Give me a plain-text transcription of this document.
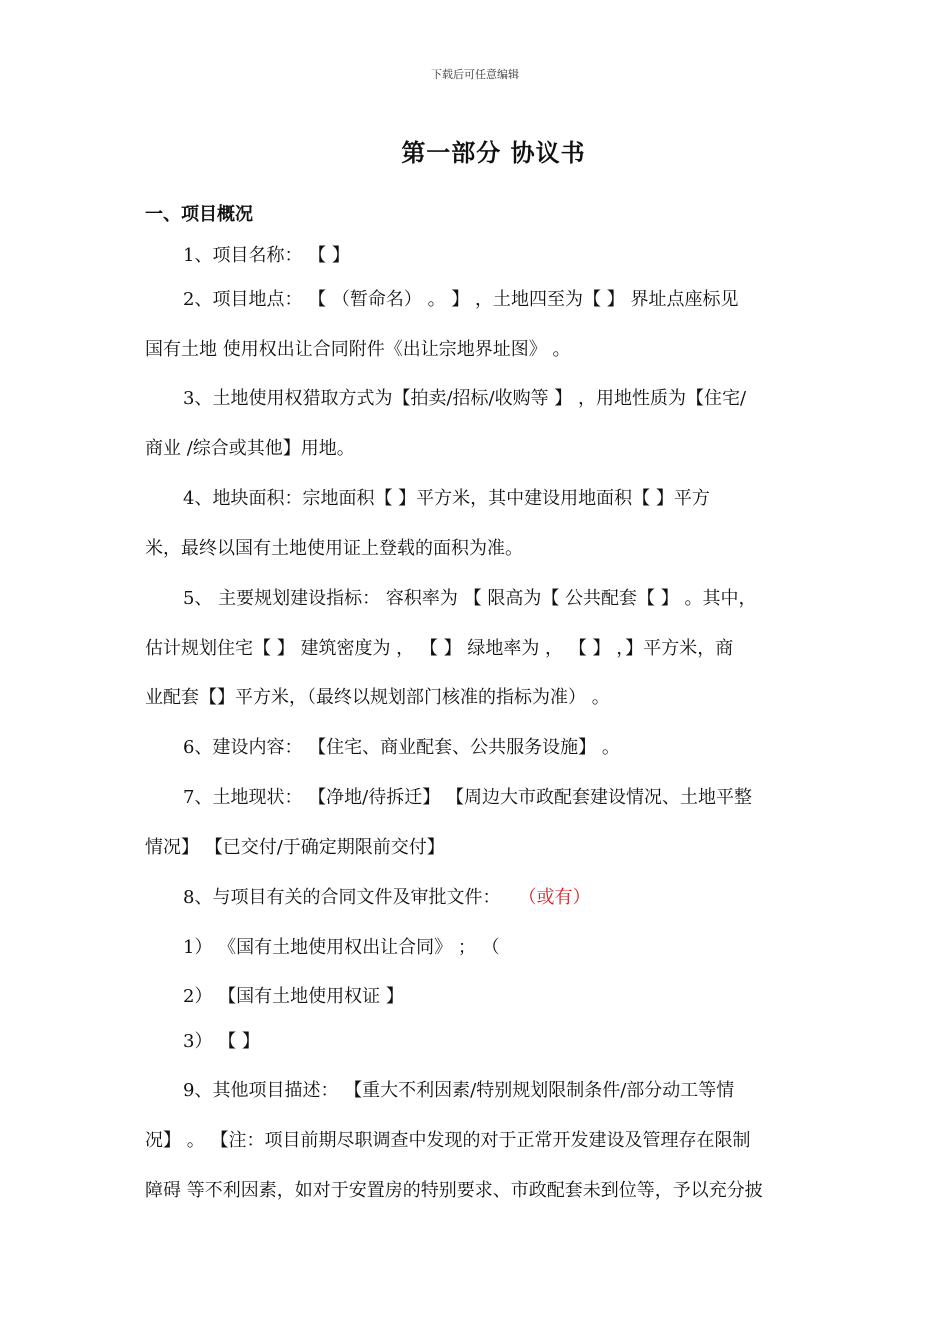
下载后可任意编辑
第一部分 协议书
一、项目概况
1、项目名称： 【 】
2、项目地点： 【 （暂命名） 。 】 ，土地四至为【 】 界址点座标见
国有土地 使用权出让合同附件《出让宗地界址图》 。
3、土地使用权猎取方式为【拍卖/招标/收购等 】 ，用地性质为【住宅/
商业 /综合或其他】用地。
4、地块面积：宗地面积【 】平方米，其中建设用地面积【 】平方
米，最终以国有土地使用证上登载的面积为准。
5、 主要规划建设指标： 容积率为 【 限高为【 公共配套【 】 。其中，
估计规划住宅【 】 建筑密度为 ， 【 】 绿地率为 ， 【 】 ，】平方米，商
业配套【】平方米，（最终以规划部门核准的指标为准） 。
6、建设内容： 【住宅、商业配套、公共服务设施】 。
7、土地现状： 【净地/待拆迁】 【周边大市政配套建设情况、土地平整
情况】 【已交付/于确定期限前交付】
8、与项目有关的合同文件及审批文件： （或有）
1） 《国有土地使用权出让合同》 ； （
2） 【国有土地使用权证 】
3） 【 】
9、其他项目描述： 【重大不利因素/特别规划限制条件/部分动工等情
况】 。 【注：项目前期尽职调查中发现的对于正常开发建设及管理存在限制
障碍 等不利因素，如对于安置房的特别要求、市政配套未到位等，予以充分披
